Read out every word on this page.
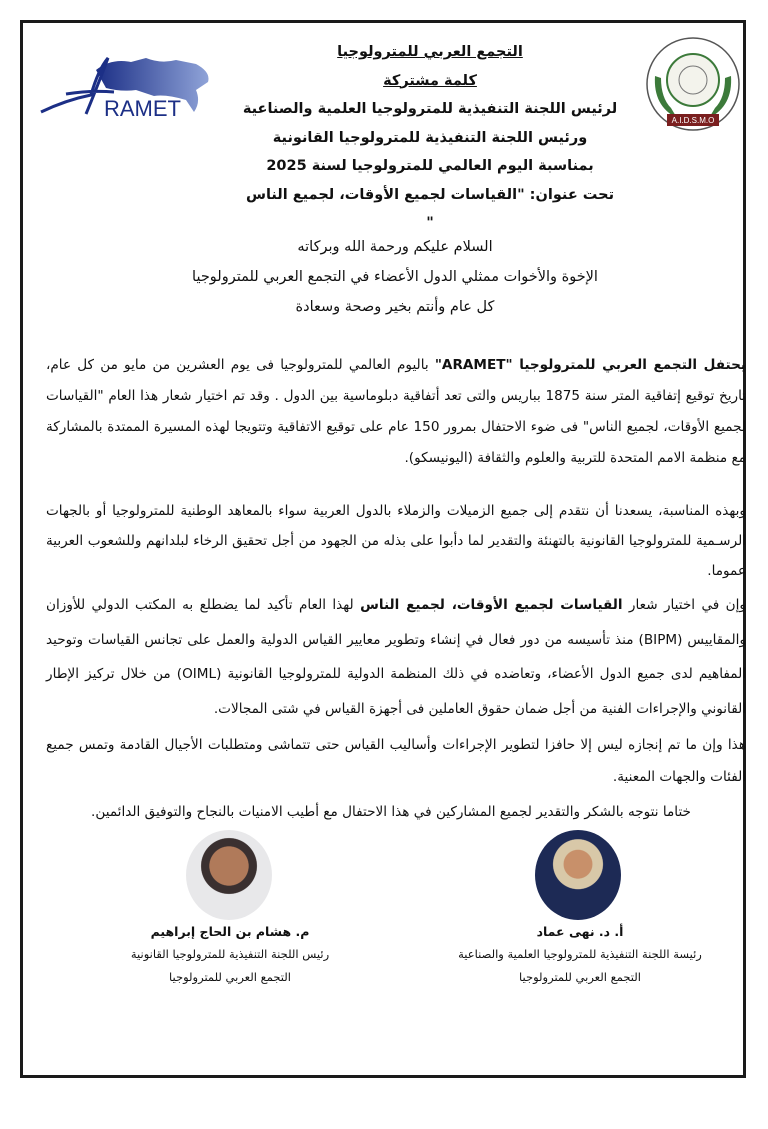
RAMET	A.I.D.S.M.O
التجمع العربي للمترولوجيا
كلمة مشتركة
لرئيس اللجنة التنفيذية للمترولوجيا العلمية والصناعية
ورئيس اللجنة التنفيذية للمترولوجيا القانونية
بمناسبة اليوم العالمي للمترولوجيا لسنة 2025
تحت عنوان: "القياسات لجميع الأوقات، لجميع الناس "
السلام عليكم ورحمة الله وبركاته
الإخوة والأخوات ممثلي الدول الأعضاء في التجمع العربي للمترولوجيا
كل عام وأنتم بخير وصحة وسعادة
يحتفل التجمع العربي للمترولوجيا "ARAMET" باليوم العالمي للمترولوجيا فى يوم العشرين من مايو من كل عام، تاريخ توقيع إتفاقية المتر سنة 1875 بباريس والتى تعد أتفاقية دبلوماسية بين الدول . وقد تم اختيار شعار هذا العام "القياسات لجميع الأوقات، لجميع الناس" فى ضوء الاحتفال بمرور 150 عام على توقيع الاتفاقية وتتويجا لهذه المسيرة الممتدة بالمشاركة مع منظمة الامم المتحدة للتربية والعلوم والثقافة (اليونيسكو).
وبهذه المناسبة، يسعدنا أن نتقدم إلى جميع الزميلات والزملاء بالدول العربية سواء بالمعاهد الوطنية للمترولوجيا أو بالجهات الرسـمية للمترولوجيا القانونية بالتهنئة والتقدير لما دأبوا على بذله من الجهود من أجل تحقيق الرخاء لبلدانهم وللشعوب العربية عموما.
وإن في اختيار شعار القياسات لجميع الأوقات، لجميع الناس لهذا العام تأكيد لما يضطلع به المكتب الدولي للأوزان والمقاييس (BIPM) منذ تأسيسه من دور فعال في إنشاء وتطوير معايير القياس الدولية والعمل على تجانس القياسات وتوحيد المفاهيم لدى جميع الدول الأعضاء، وتعاضده في ذلك المنظمة الدولية للمترولوجيا القانونية (OIML) من خلال تركيز الإطار القانوني والإجراءات الفنية من أجل ضمان حقوق العاملين فى أجهزة القياس في شتى المجالات.
هذا وإن ما تم إنجازه ليس إلا حافزا لتطوير الإجراءات وأساليب القياس حتى تتماشى ومتطلبات الأجيال القادمة وتمس جميع الفئات والجهات المعنية.
ختاما نتوجه بالشكر والتقدير لجميع المشاركين في هذا الاحتفال مع أطيب الامنيات بالنجاح والتوفيق الدائمين.
م. هشام بن الحاج إبراهيم
رئيس اللجنة التنفيذية للمترولوجيا القانونية
التجمع العربي للمترولوجيا
أ. د. نهى عماد
رئيسة اللجنة التنفيذية للمترولوجيا العلمية والصناعية
التجمع العربي للمترولوجيا
